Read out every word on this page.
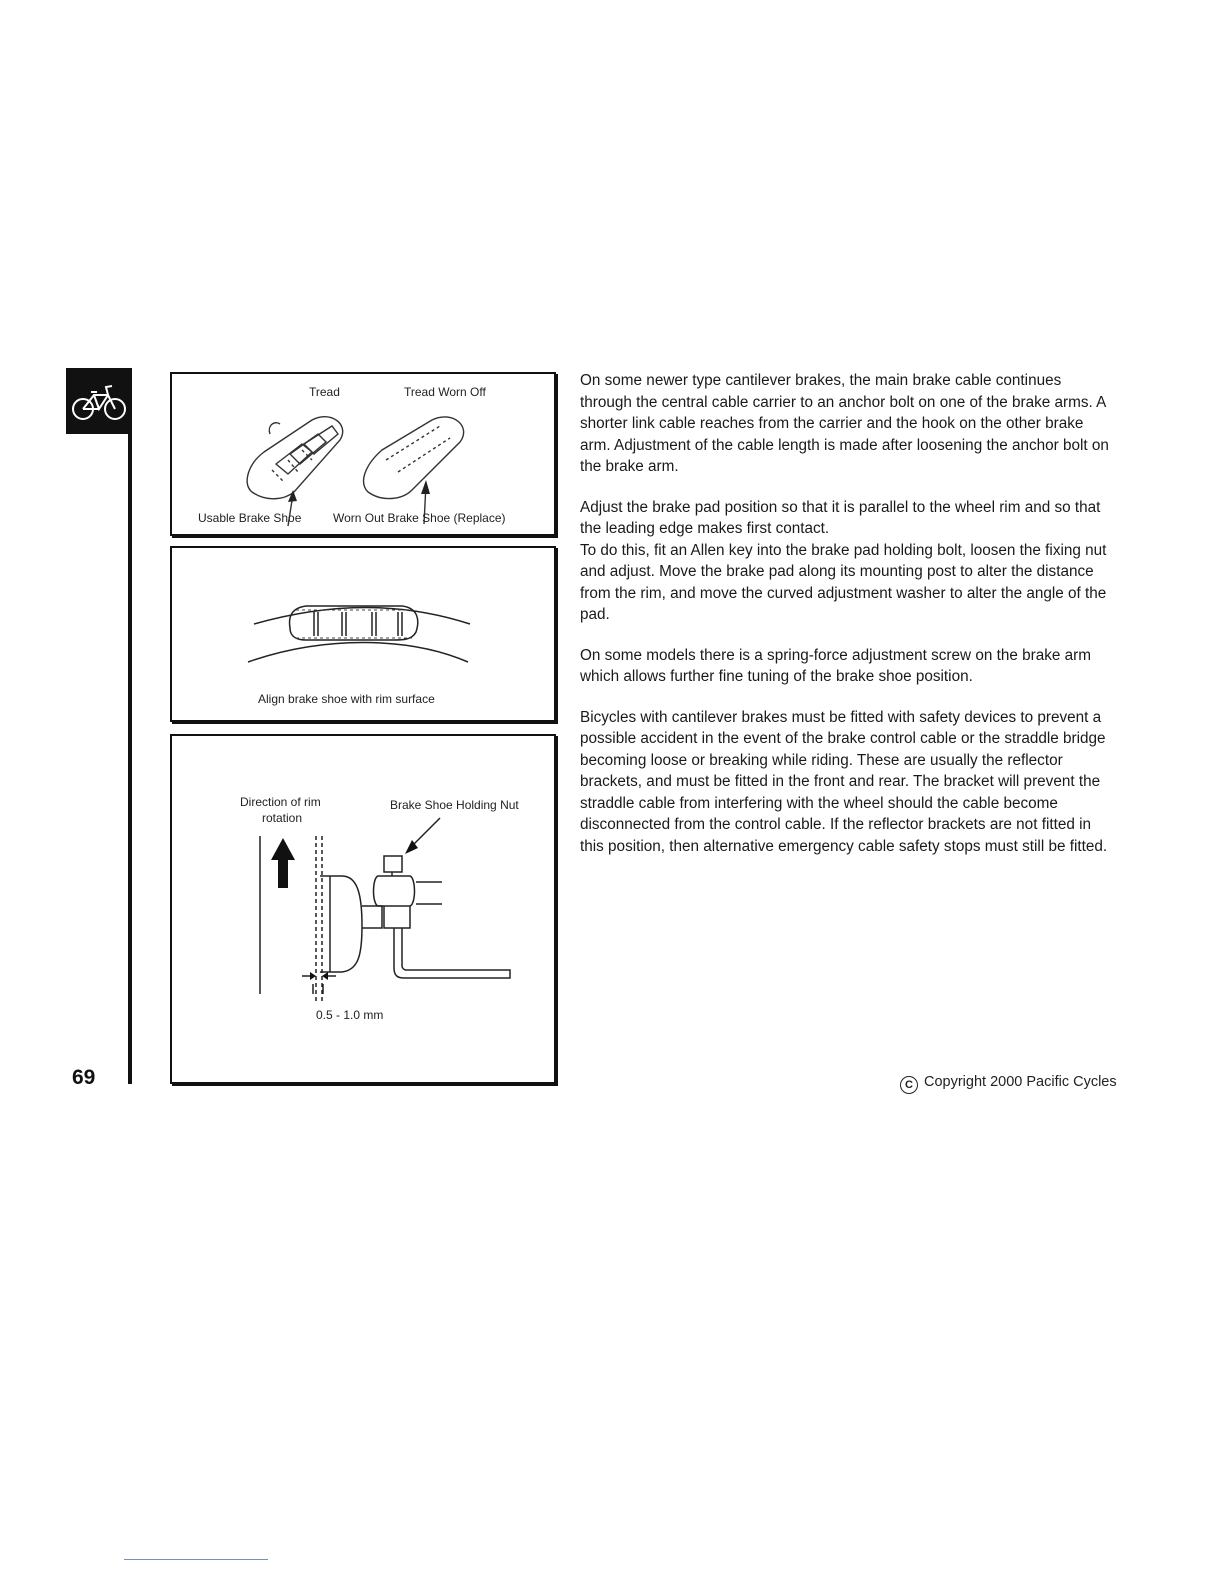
69
Tread	Tread Worn Off
Usable Brake Shoe	Worn Out Brake Shoe (Replace)
Align brake shoe with rim surface
Direction of rim
rotation
Brake Shoe Holding Nut
0.5 - 1.0 mm

On some newer type cantilever brakes, the main brake cable continues through the central cable carrier to an anchor bolt on one of the brake arms. A shorter link cable reaches from the carrier and the hook on the other brake arm. Adjustment of the cable length is made after loosening the anchor bolt on the brake arm.

Adjust the brake pad position so that it is parallel to the wheel rim and so that the leading edge makes first contact.

To do this, fit an Allen key into the brake pad holding bolt, loosen the fixing nut and adjust. Move the brake pad along its mounting post to alter the distance from the rim, and move the curved adjustment washer to alter the angle of the pad.

On some models there is a spring-force adjustment screw on the brake arm which allows further fine tuning of the brake shoe position.

Bicycles with cantilever brakes must be fitted with safety devices to prevent a possible accident in the event of the brake control cable or the straddle bridge becoming loose or breaking while riding. These are usually the reflector brackets, and must be fitted in the front and rear. The bracket will prevent the straddle cable from interfering with the wheel should the cable become disconnected from the control cable. If the reflector brackets are not fitted in this position, then alternative emergency cable safety stops must still be fitted.

C Copyright 2000 Pacific Cycles
